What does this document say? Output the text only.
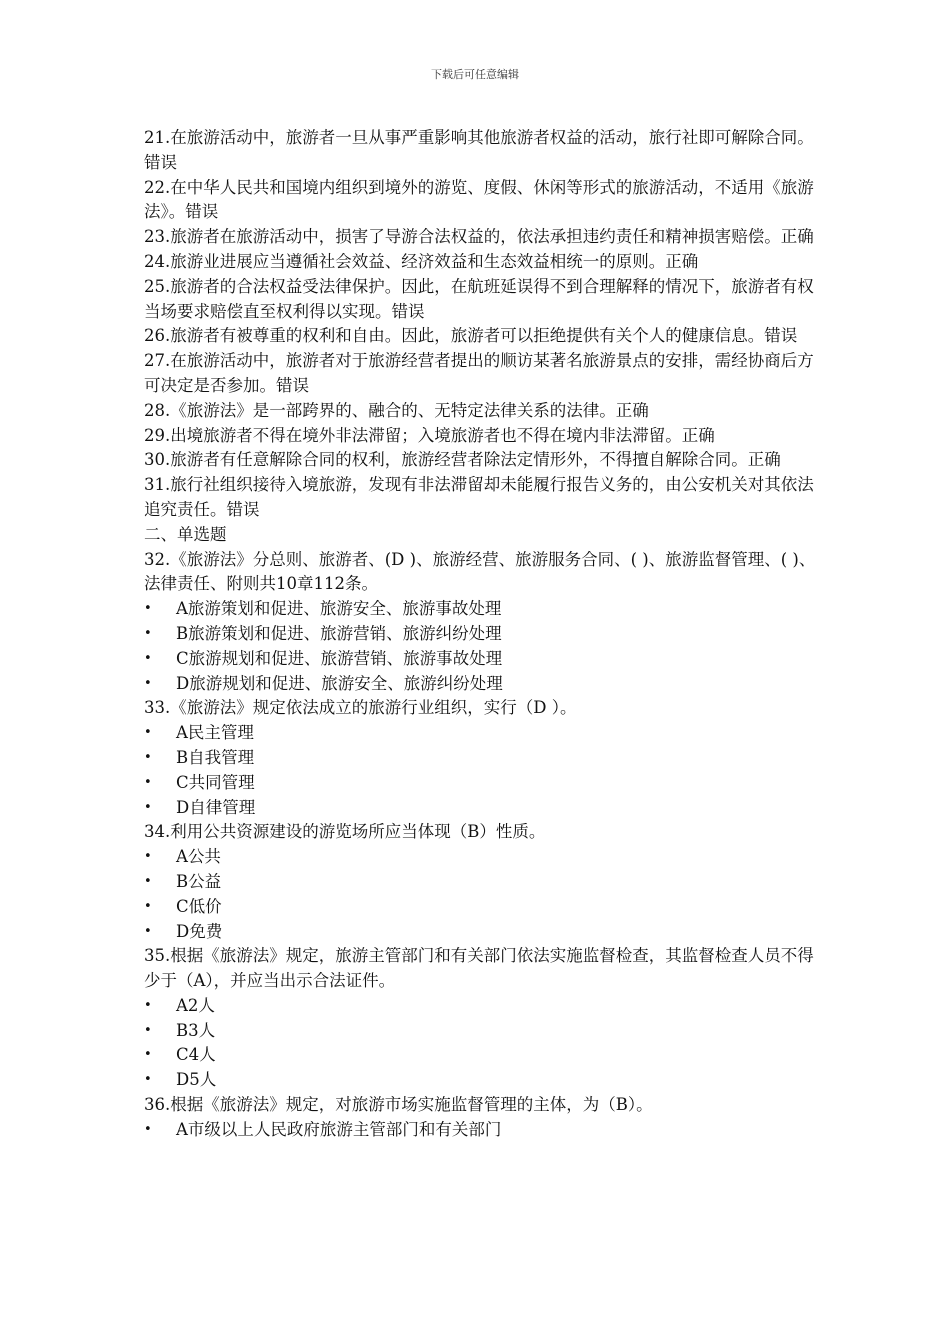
下载后可任意编辑

21.在旅游活动中，旅游者一旦从事严重影响其他旅游者权益的活动，旅行社即可解除合同。错误

22.在中华人民共和国境内组织到境外的游览、度假、休闲等形式的旅游活动，不适用《旅游法》。错误

23.旅游者在旅游活动中，损害了导游合法权益的，依法承担违约责任和精神损害赔偿。正确

24.旅游业进展应当遵循社会效益、经济效益和生态效益相统一的原则。正确

25.旅游者的合法权益受法律保护。因此，在航班延误得不到合理解释的情况下，旅游者有权当场要求赔偿直至权利得以实现。错误

26.旅游者有被尊重的权利和自由。因此，旅游者可以拒绝提供有关个人的健康信息。错误

27.在旅游活动中，旅游者对于旅游经营者提出的顺访某著名旅游景点的安排，需经协商后方可决定是否参加。错误

28.《旅游法》是一部跨界的、融合的、无特定法律关系的法律。正确

29.出境旅游者不得在境外非法滞留；入境旅游者也不得在境内非法滞留。正确

30.旅游者有任意解除合同的权利，旅游经营者除法定情形外，不得擅自解除合同。正确

31.旅行社组织接待入境旅游，发现有非法滞留却未能履行报告义务的，由公安机关对其依法追究责任。错误

二、单选题

32.《旅游法》分总则、旅游者、(D )、旅游经营、旅游服务合同、( )、旅游监督管理、( )、法律责任、附则共10章112条。

•	A旅游策划和促进、旅游安全、旅游事故处理
•	B旅游策划和促进、旅游营销、旅游纠纷处理
•	C旅游规划和促进、旅游营销、旅游事故处理
•	D旅游规划和促进、旅游安全、旅游纠纷处理

33.《旅游法》规定依法成立的旅游行业组织，实行（D ）。

•	A民主管理
•	B自我管理
•	C共同管理
•	D自律管理

34.利用公共资源建设的游览场所应当体现（B）性质。

•	A公共
•	B公益
•	C低价
•	D免费

35.根据《旅游法》规定，旅游主管部门和有关部门依法实施监督检查，其监督检查人员不得少于（A），并应当出示合法证件。

•	A2人
•	B3人
•	C4人
•	D5人

36.根据《旅游法》规定，对旅游市场实施监督管理的主体，为（B）。

•	A市级以上人民政府旅游主管部门和有关部门
